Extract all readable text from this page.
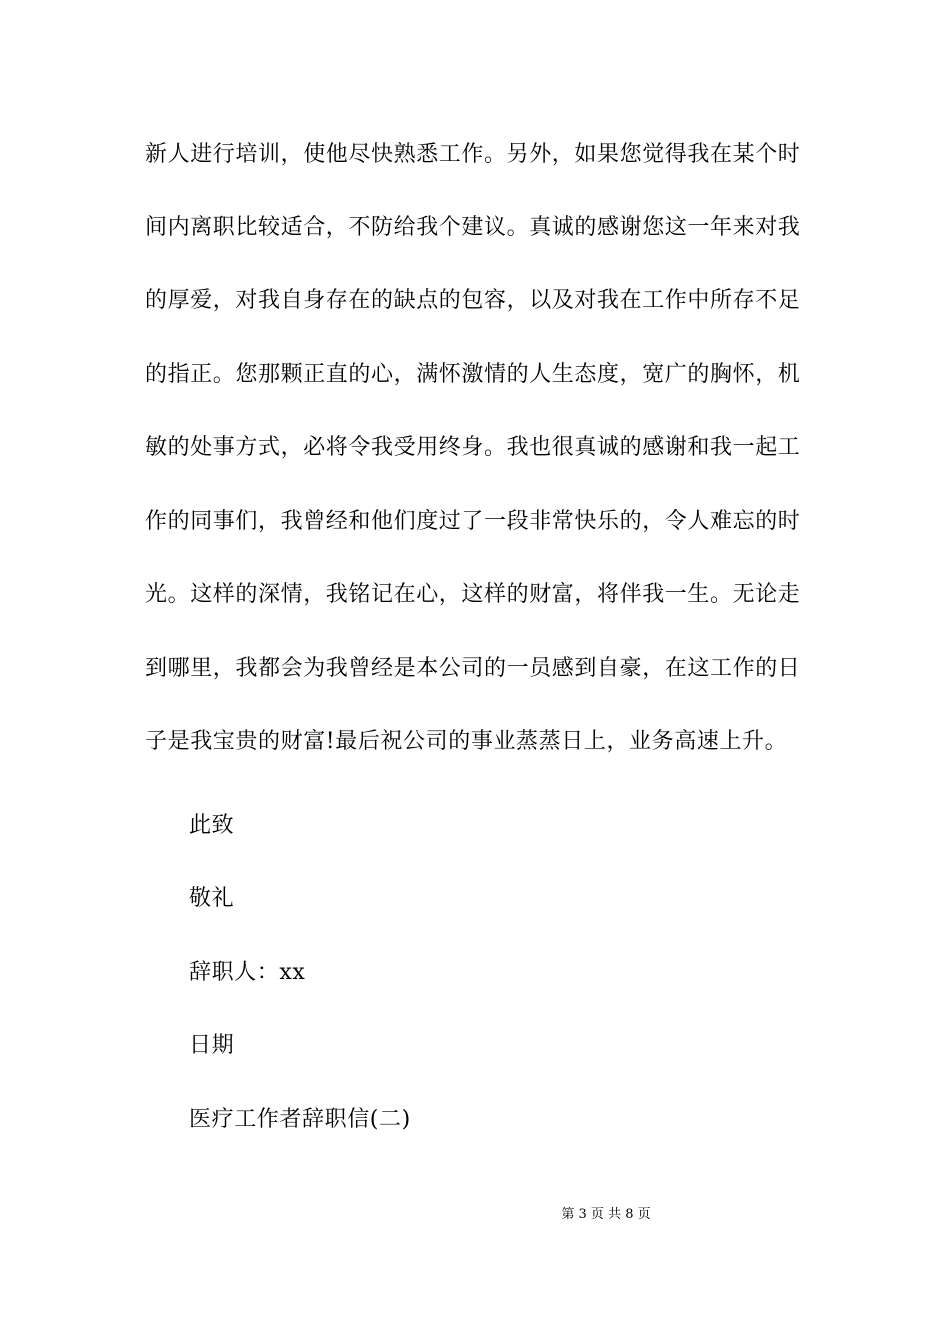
新人进行培训，使他尽快熟悉工作。另外，如果您觉得我在某个时
间内离职比较适合，不防给我个建议。真诚的感谢您这一年来对我
的厚爱，对我自身存在的缺点的包容，以及对我在工作中所存不足
的指正。您那颗正直的心，满怀激情的人生态度，宽广的胸怀，机
敏的处事方式，必将令我受用终身。我也很真诚的感谢和我一起工
作的同事们，我曾经和他们度过了一段非常快乐的，令人难忘的时
光。这样的深情，我铭记在心，这样的财富，将伴我一生。无论走
到哪里，我都会为我曾经是本公司的一员感到自豪，在这工作的日
子是我宝贵的财富!最后祝公司的事业蒸蒸日上，业务高速上升。
此致
敬礼
辞职人：xx
日期
医疗工作者辞职信(二)
第 3 页 共 8 页
